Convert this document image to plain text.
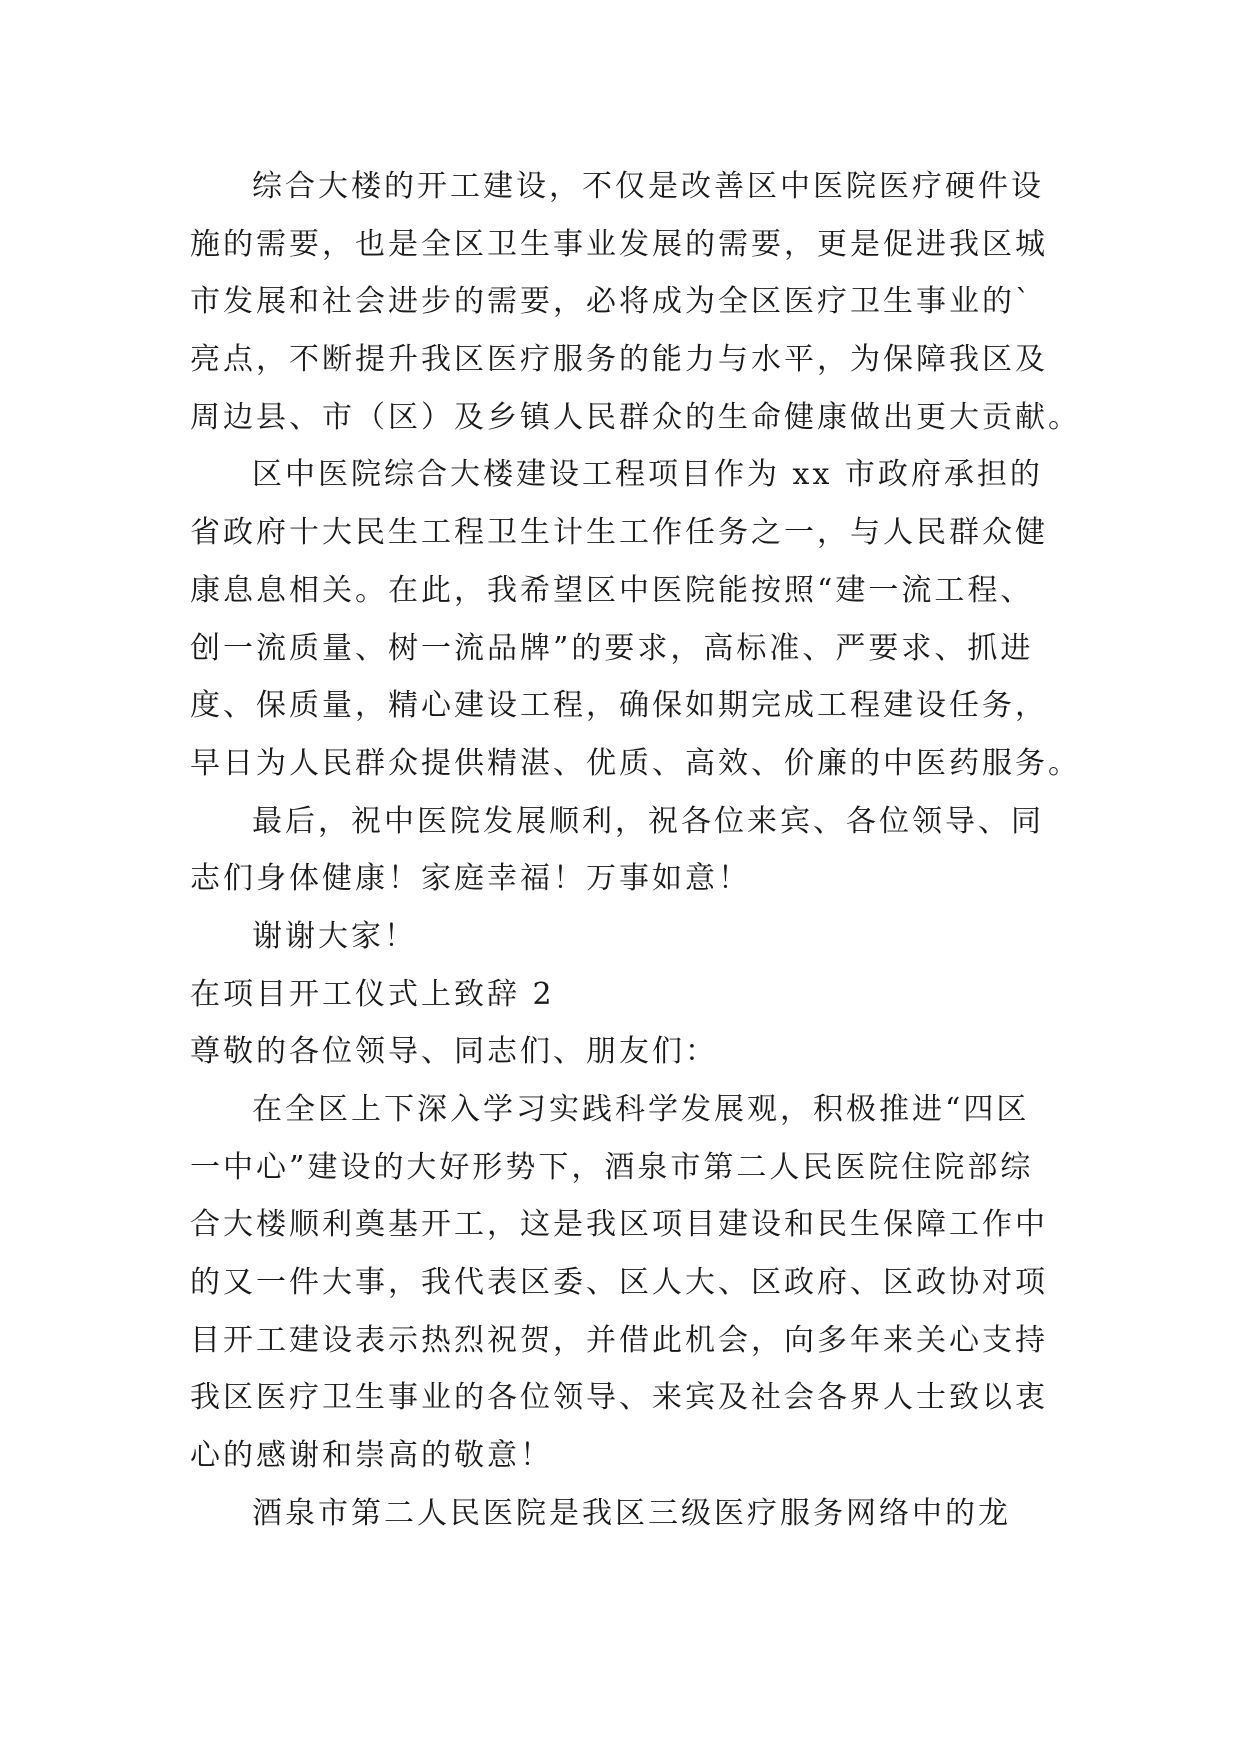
综合大楼的开工建设，不仅是改善区中医院医疗硬件设
施的需要，也是全区卫生事业发展的需要，更是促进我区城
市发展和社会进步的需要，必将成为全区医疗卫生事业的`
亮点，不断提升我区医疗服务的能力与水平，为保障我区及
周边县、市（区）及乡镇人民群众的生命健康做出更大贡献。
区中医院综合大楼建设工程项目作为 xx 市政府承担的
省政府十大民生工程卫生计生工作任务之一，与人民群众健
康息息相关。在此，我希望区中医院能按照“建一流工程、
创一流质量、树一流品牌”的要求，高标准、严要求、抓进
度、保质量，精心建设工程，确保如期完成工程建设任务，
早日为人民群众提供精湛、优质、高效、价廉的中医药服务。
最后，祝中医院发展顺利，祝各位来宾、各位领导、同
志们身体健康！家庭幸福！万事如意！
谢谢大家！
在项目开工仪式上致辞 2
尊敬的各位领导、同志们、朋友们：
在全区上下深入学习实践科学发展观，积极推进“四区
一中心”建设的大好形势下，酒泉市第二人民医院住院部综
合大楼顺利奠基开工，这是我区项目建设和民生保障工作中
的又一件大事，我代表区委、区人大、区政府、区政协对项
目开工建设表示热烈祝贺，并借此机会，向多年来关心支持
我区医疗卫生事业的各位领导、来宾及社会各界人士致以衷
心的感谢和崇高的敬意！
酒泉市第二人民医院是我区三级医疗服务网络中的龙
